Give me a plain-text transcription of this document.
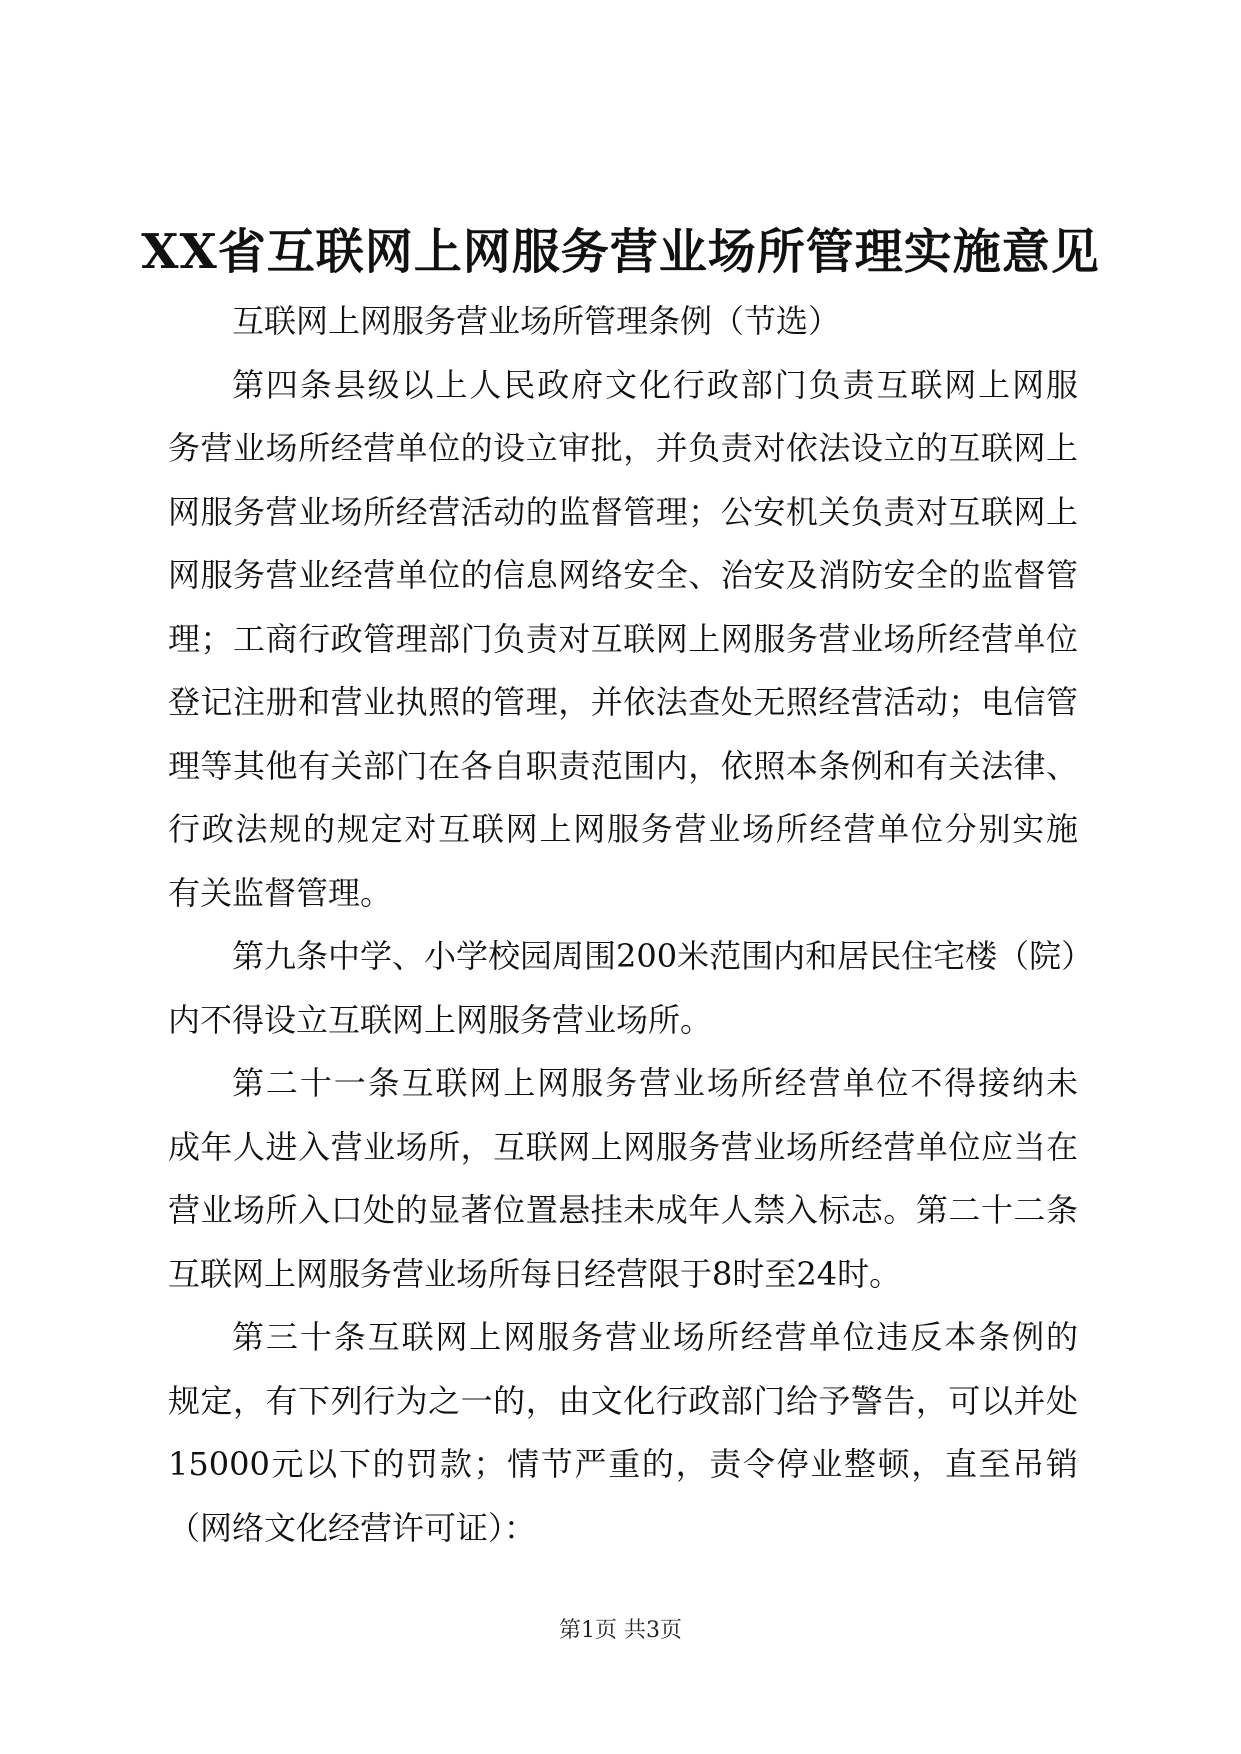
XX省互联网上网服务营业场所管理实施意见
互联网上网服务营业场所管理条例（节选）
第四条县级以上人民政府文化行政部门负责互联网上网服
务营业场所经营单位的设立审批，并负责对依法设立的互联网上
网服务营业场所经营活动的监督管理；公安机关负责对互联网上
网服务营业经营单位的信息网络安全、治安及消防安全的监督管
理；工商行政管理部门负责对互联网上网服务营业场所经营单位
登记注册和营业执照的管理，并依法查处无照经营活动；电信管
理等其他有关部门在各自职责范围内，依照本条例和有关法律、
行政法规的规定对互联网上网服务营业场所经营单位分别实施
有关监督管理。
第九条中学、小学校园周围200米范围内和居民住宅楼（院）
内不得设立互联网上网服务营业场所。
第二十一条互联网上网服务营业场所经营单位不得接纳未
成年人进入营业场所，互联网上网服务营业场所经营单位应当在
营业场所入口处的显著位置悬挂未成年人禁入标志。第二十二条
互联网上网服务营业场所每日经营限于8时至24时。
第三十条互联网上网服务营业场所经营单位违反本条例的
规定，有下列行为之一的，由文化行政部门给予警告，可以并处
15000元以下的罚款；情节严重的，责令停业整顿，直至吊销
（网络文化经营许可证）：
第1页 共3页
